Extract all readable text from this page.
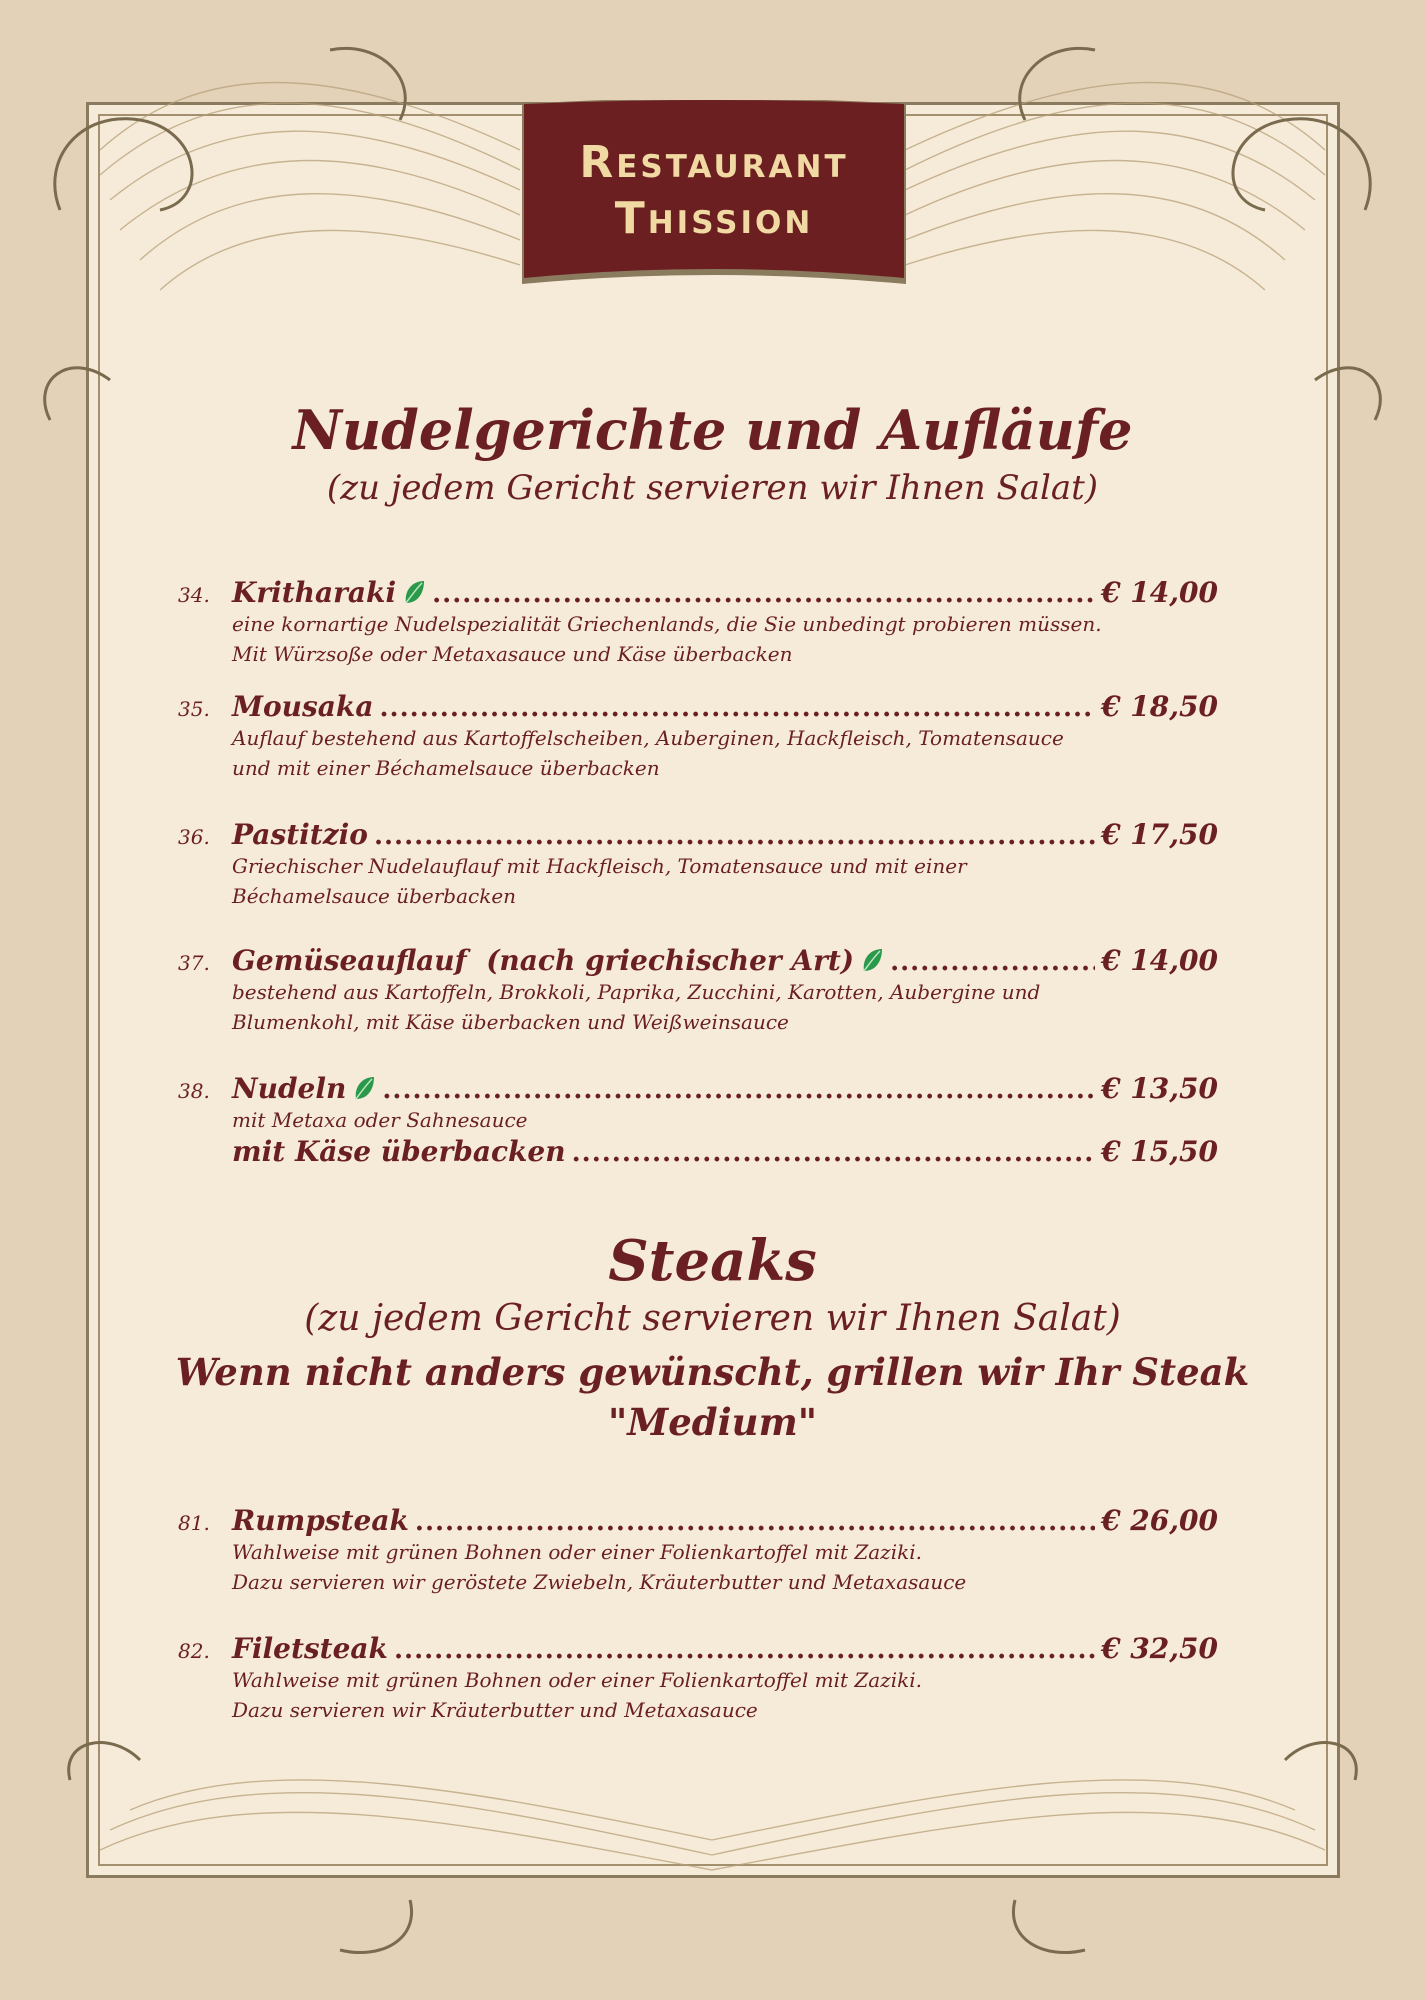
Restaurant
Thission
Nudelgerichte und Aufläufe
(zu jedem Gericht servieren wir Ihnen Salat)
34. Kritharaki .....	€ 14,00
eine kornartige Nudelspezialität Griechenlands, die Sie unbedingt probieren müssen.
Mit Würzsoße oder Metaxasauce und Käse überbacken
35. Mousaka .....	€ 18,50
Auflauf bestehend aus Kartoffelscheiben, Auberginen, Hackfleisch, Tomatensauce
und mit einer Béchamelsauce überbacken
36. Pastitzio .....	€ 17,50
Griechischer Nudelauflauf mit Hackfleisch, Tomatensauce und mit einer
Béchamelsauce überbacken
37. Gemüseauflauf  (nach griechischer Art) .....	€ 14,00
bestehend aus Kartoffeln, Brokkoli, Paprika, Zucchini, Karotten, Aubergine und
Blumenkohl, mit Käse überbacken und Weißweinsauce
38. Nudeln .....	€ 13,50
mit Metaxa oder Sahnesauce
mit Käse überbacken .....	€ 15,50
Steaks
(zu jedem Gericht servieren wir Ihnen Salat)
Wenn nicht anders gewünscht, grillen wir Ihr Steak
"Medium"
81. Rumpsteak .....	€ 26,00
Wahlweise mit grünen Bohnen oder einer Folienkartoffel mit Zaziki.
Dazu servieren wir geröstete Zwiebeln, Kräuterbutter und Metaxasauce
82. Filetsteak .....	€ 32,50
Wahlweise mit grünen Bohnen oder einer Folienkartoffel mit Zaziki.
Dazu servieren wir Kräuterbutter und Metaxasauce
